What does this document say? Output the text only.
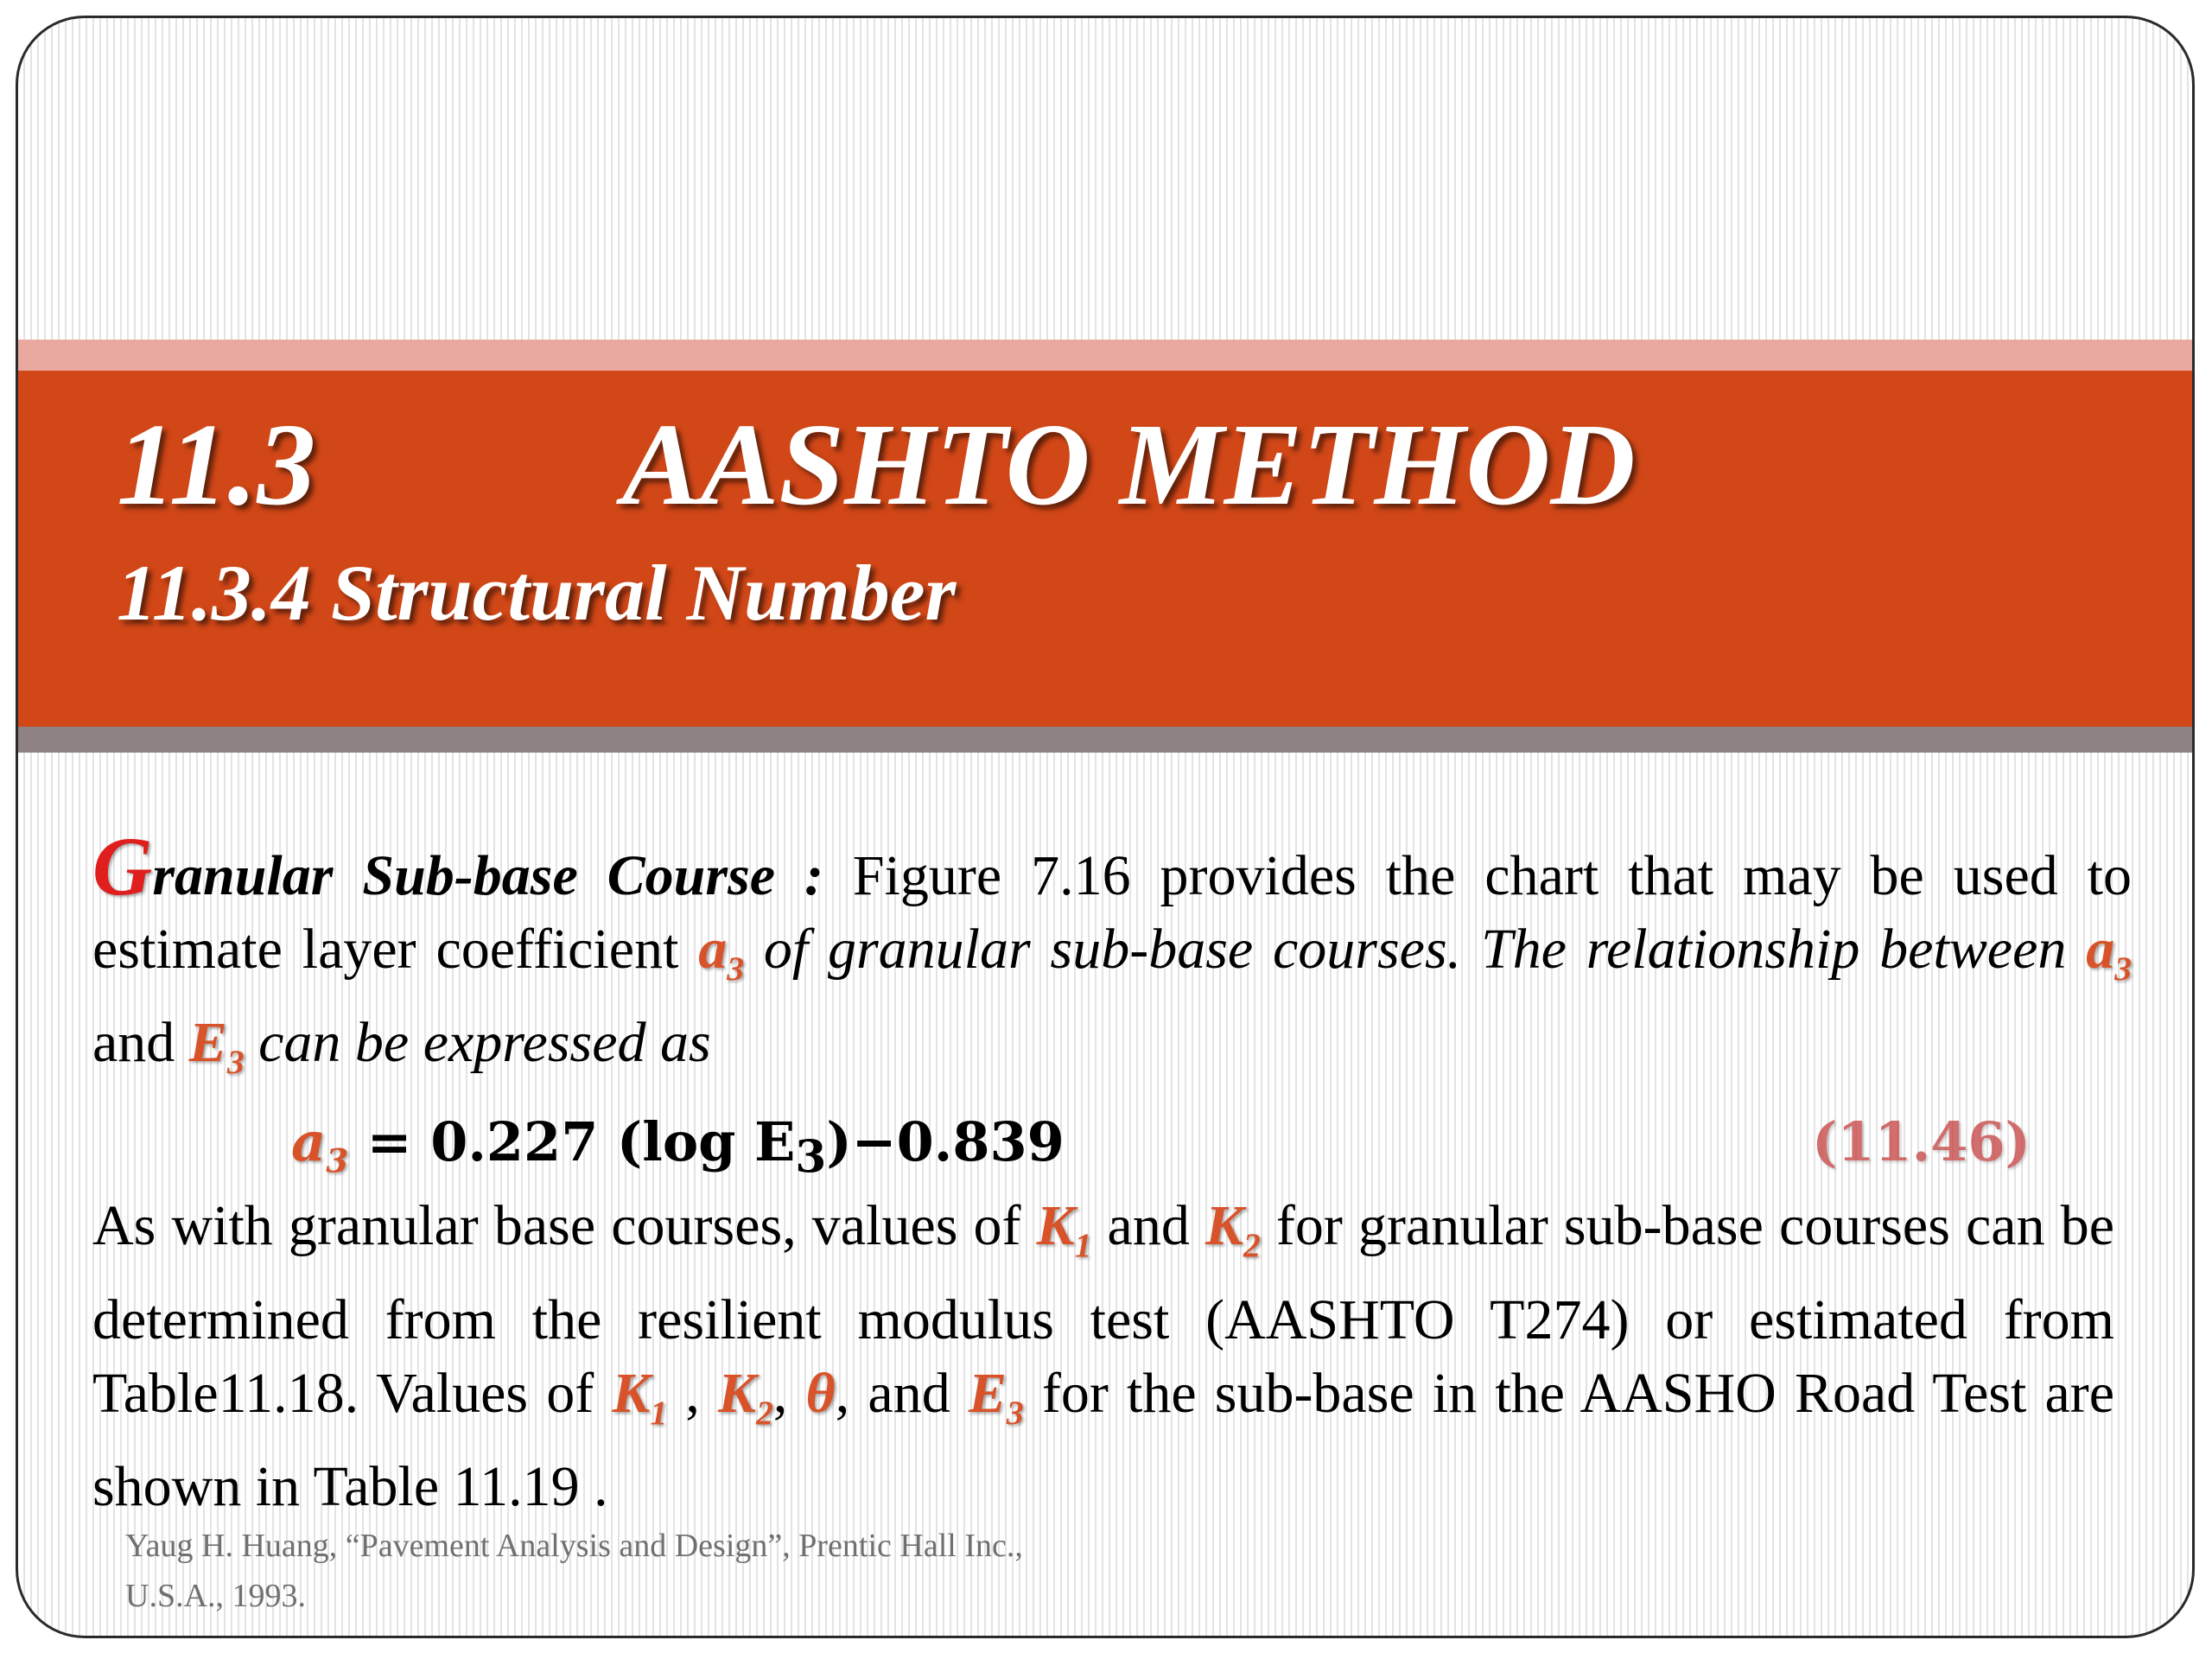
11.3	AASHTO METHOD
11.3.4 Structural Number

Granular Sub-base Course : Figure 7.16 provides the chart that may be used to estimate layer coefficient $a_3$ of granular sub-base courses. The relationship between $a_3$ and $E_3$ can be expressed as

$a_3 = 0.227$ (log $E_3)-0.839$	(11.46)

As with granular base courses, values of $K_1$ and $K_2$ for granular sub-base courses can be determined from the resilient modulus test (AASHTO T274) or estimated from Table11.18. Values of $K_1$ , $K_2$, θ, and $E_3$ for the sub-base in the AASHO Road Test are shown in Table 11.19 .

Yaug H. Huang, “Pavement Analysis and Design”, Prentic Hall Inc.,
U.S.A., 1993.
